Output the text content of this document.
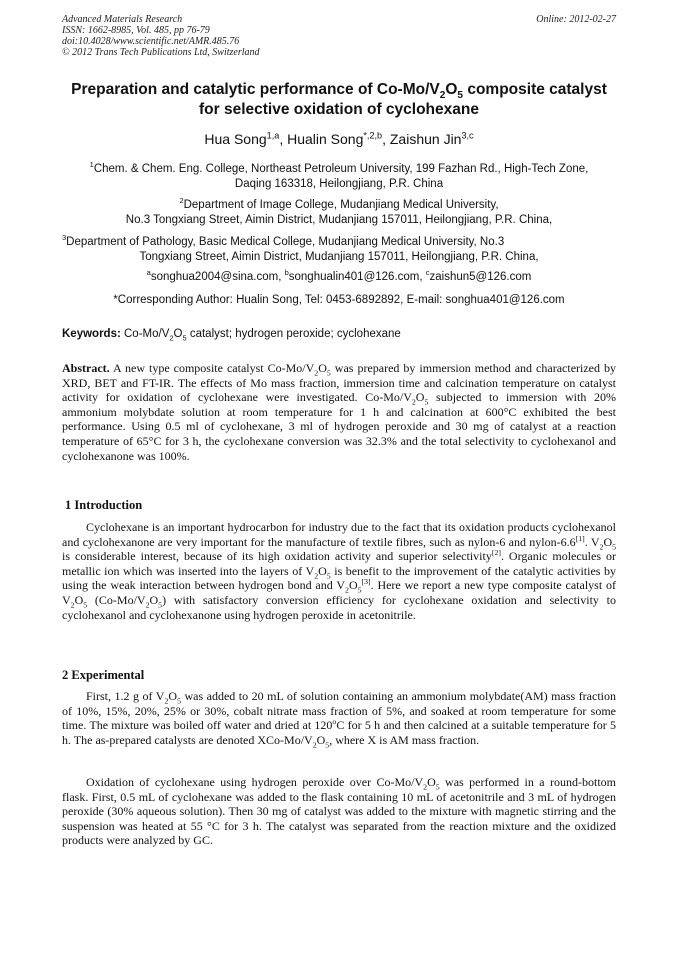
Advanced Materials Research
ISSN: 1662-8985, Vol. 485, pp 76-79
doi:10.4028/www.scientific.net/AMR.485.76
© 2012 Trans Tech Publications Ltd, Switzerland
Online: 2012-02-27
Preparation and catalytic performance of $Co-Mo/V_2O_5$ composite catalyst
for selective oxidation of cyclohexane
Hua Song$^{1,a}$, Hualin Song$^{*,2,b}$, Zaishun Jin$^{3,c}$
$^1$Chem. & Chem. Eng. College, Northeast Petroleum University, 199 Fazhan Rd., High-Tech Zone,
Daqing 163318, Heilongjiang, P.R. China
$^2$Department of Image College, Mudanjiang Medical University,
No.3 Tongxiang Street, Aimin District, Mudanjiang 157011, Heilongjiang, P.R. China,
$^3$Department of Pathology, Basic Medical College, Mudanjiang Medical University, No.3
Tongxiang Street, Aimin District, Mudanjiang 157011, Heilongjiang, P.R. China,
$^a$songhua2004@sina.com, $^b$songhualin401@126.com, $^c$zaishun5@126.com
*Corresponding Author: Hualin Song, Tel: 0453-6892892, E-mail: songhua401@126.com
Keywords: $Co-Mo/V_2O_5$ catalyst; hydrogen peroxide; cyclohexane
Abstract. A new type composite catalyst $Co-Mo/V_2O_5$ was prepared by immersion method and characterized by XRD, BET and FT-IR. The effects of Mo mass fraction, immersion time and calcination temperature on catalyst activity for oxidation of cyclohexane were investigated. $Co-Mo/V_2O_5$ subjected to immersion with 20% ammonium molybdate solution at room temperature for 1 h and calcination at 600°C exhibited the best performance. Using 0.5 ml of cyclohexane, 3 ml of hydrogen peroxide and 30 mg of catalyst at a reaction temperature of 65°C for 3 h, the cyclohexane conversion was 32.3% and the total selectivity to cyclohexanol and cyclohexanone was 100%.
1 Introduction
Cyclohexane is an important hydrocarbon for industry due to the fact that its oxidation products cyclohexanol and cyclohexanone are very important for the manufacture of textile fibres, such as nylon-6 and nylon-6.6[1]. $V_2O_5$ is considerable interest, because of its high oxidation activity and superior selectivity[2]. Organic molecules or metallic ion which was inserted into the layers of $V_2O_5$ is benefit to the improvement of the catalytic activities by using the weak interaction between hydrogen bond and $V_2O_5[3]$. Here we report a new type composite catalyst of $V_2O_5$ $(Co-Mo/V_2O_5)$ with satisfactory conversion efficiency for cyclohexane oxidation and selectivity to cyclohexanol and cyclohexanone using hydrogen peroxide in acetonitrile.
2 Experimental
First, 1.2 g of $V_2O_5$ was added to 20 mL of solution containing an ammonium molybdate(AM) mass fraction of 10%, 15%, 20%, 25% or 30%, cobalt nitrate mass fraction of 5%, and soaked at room temperature for some time. The mixture was boiled off water and dried at 120$^o$C for 5 h and then calcined at a suitable temperature for 5 h. The as-prepared catalysts are denoted XCo-$Mo/V_2O_5$, where X is AM mass fraction.
Oxidation of cyclohexane using hydrogen peroxide over $Co-Mo/V_2O_5$ was performed in a round-bottom flask. First, 0.5 mL of cyclohexane was added to the flask containing 10 mL of acetonitrile and 3 mL of hydrogen peroxide (30% aqueous solution). Then 30 mg of catalyst was added to the mixture with magnetic stirring and the suspension was heated at 55 °C for 3 h. The catalyst was separated from the reaction mixture and the oxidized products were analyzed by GC.
